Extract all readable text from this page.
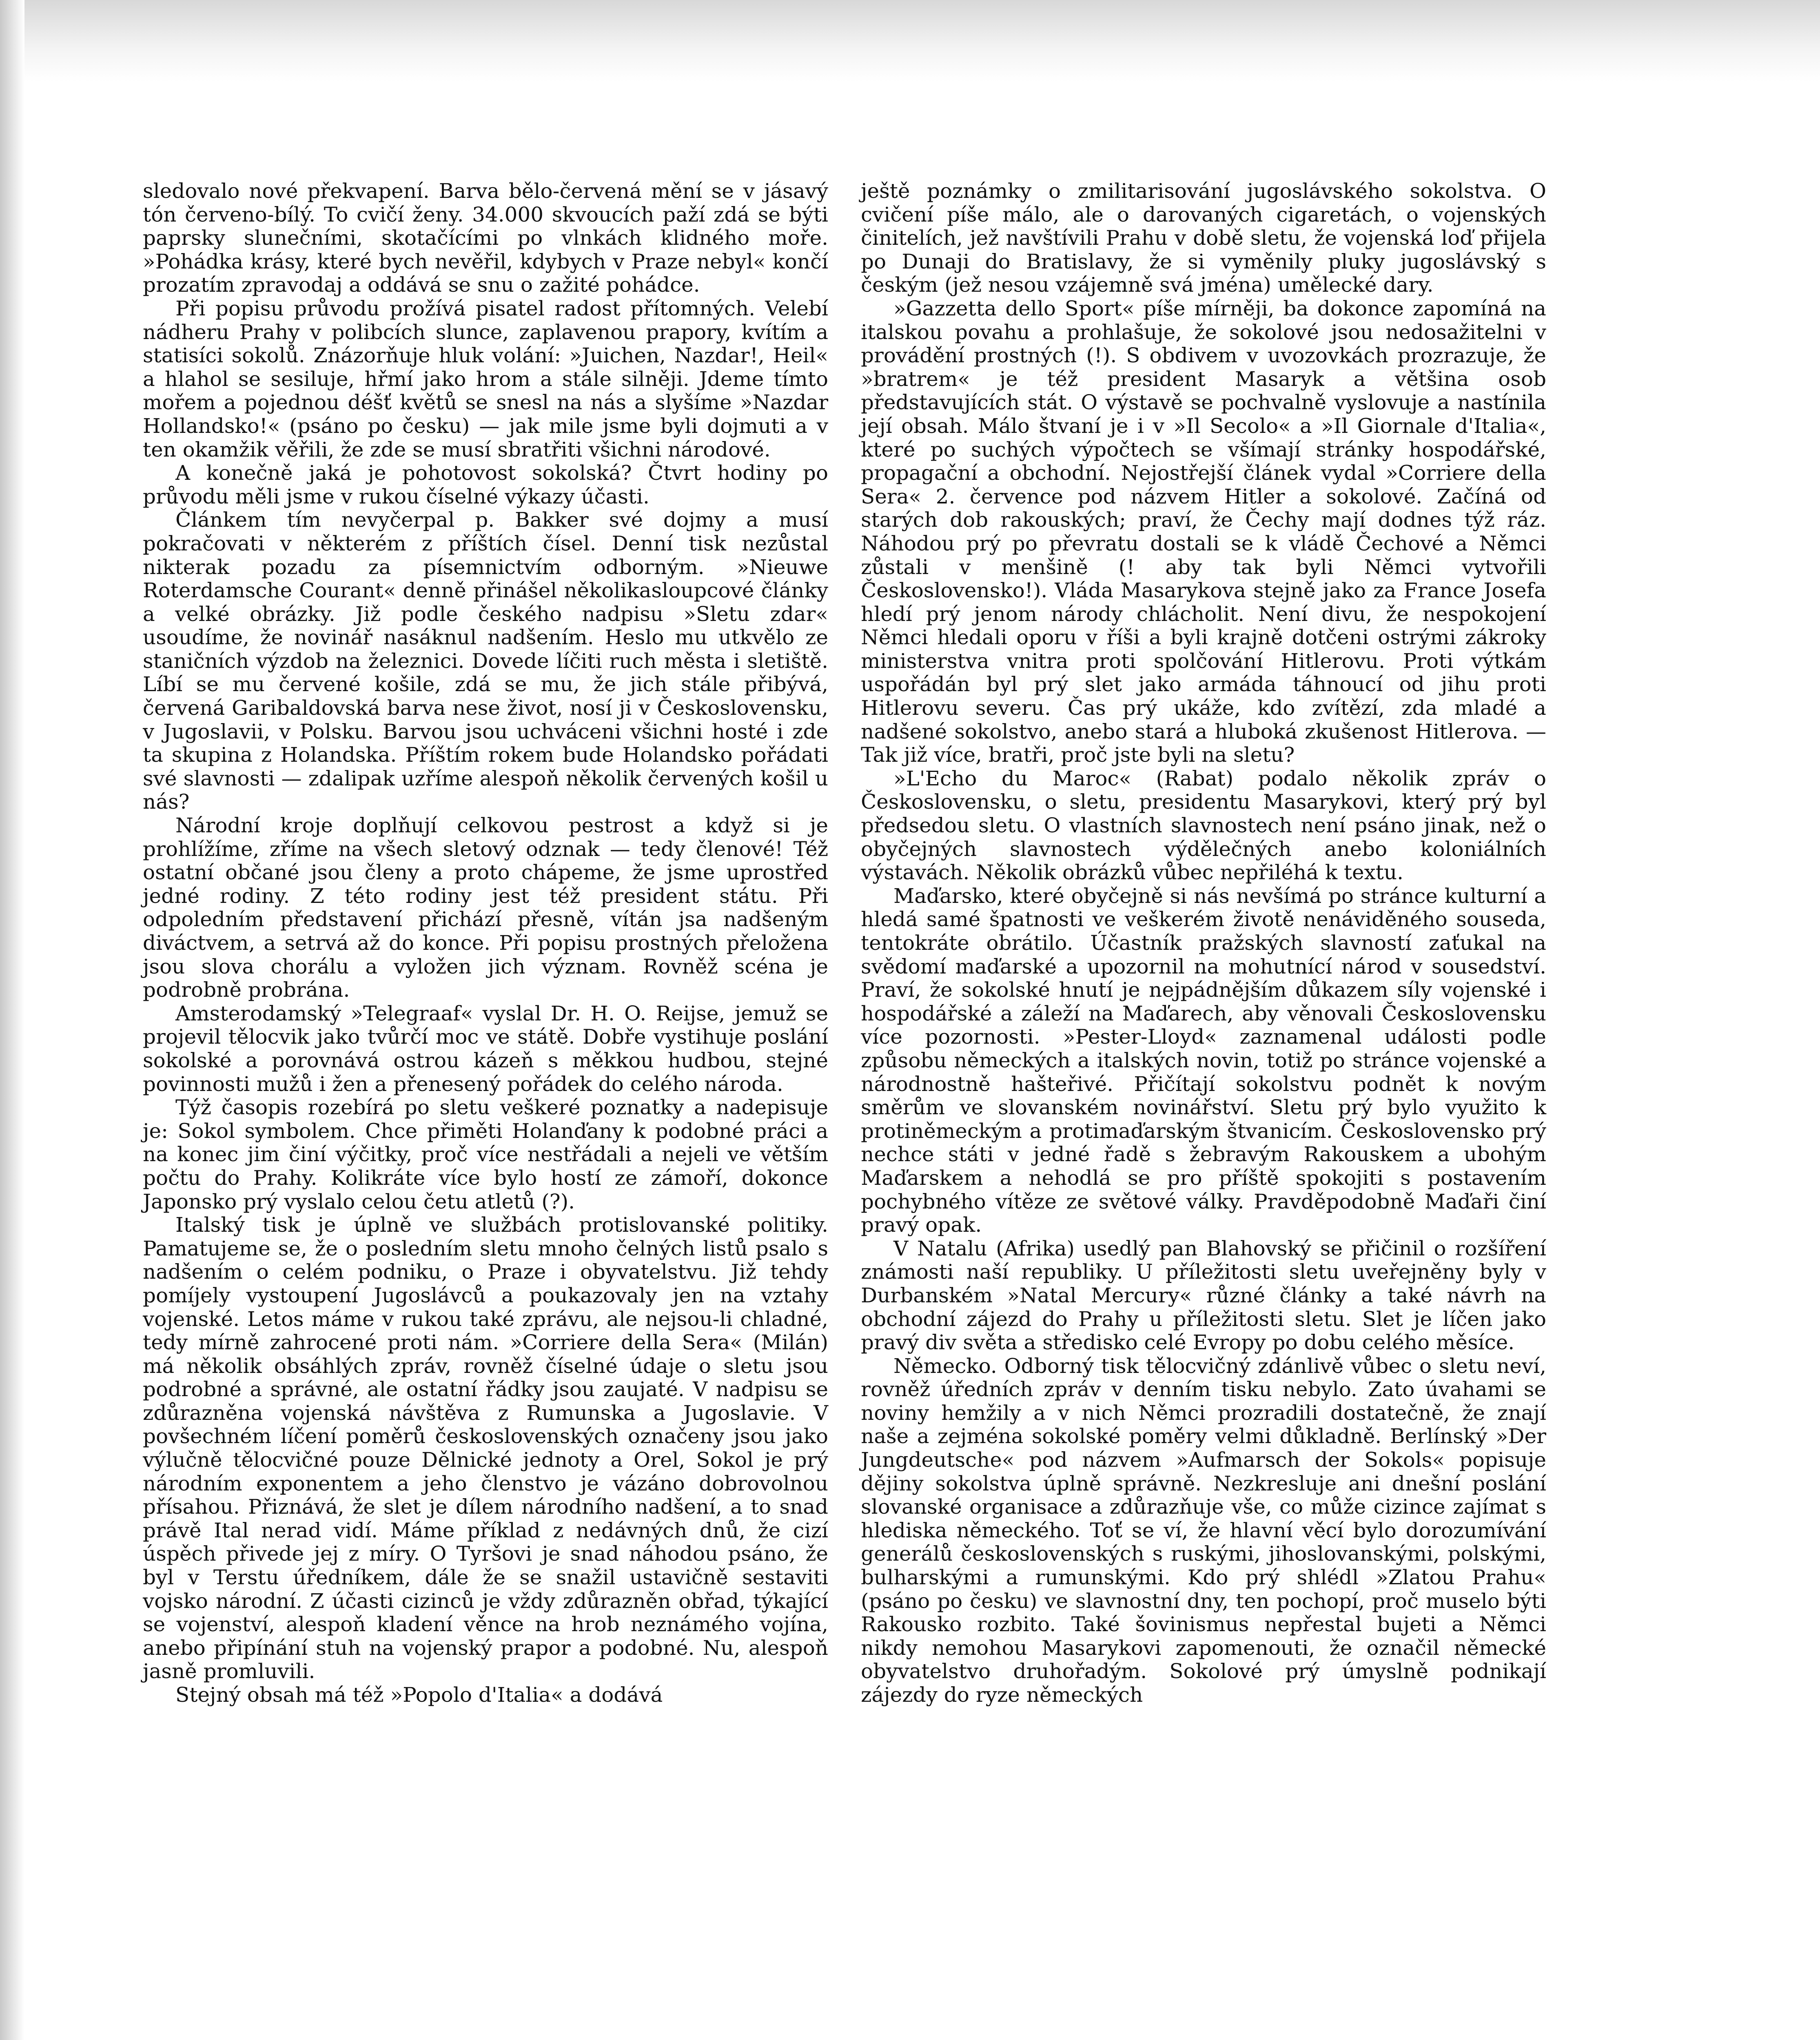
sledovalo nové překvapení. Barva bělo-červená mění se v jásavý tón červeno-bílý. To cvičí ženy. 34.000 skvoucích paží zdá se býti paprsky slunečními, skotačícími po vlnkách klidného moře. »Pohádka krásy, které bych nevěřil, kdybych v Praze nebyl« končí prozatím zpravodaj a oddává se snu o zažité pohádce.

Při popisu průvodu prožívá pisatel radost přítomných. Velebí nádheru Prahy v polibcích slunce, zaplavenou prapory, kvítím a statisíci sokolů. Znázorňuje hluk volání: »Juichen, Nazdar!, Heil« a hlahol se sesiluje, hřmí jako hrom a stále silněji. Jdeme tímto mořem a pojednou déšť květů se snesl na nás a slyšíme »Nazdar Hollandsko!« (psáno po česku) — jak mile jsme byli dojmuti a v ten okamžik věřili, že zde se musí sbratřiti všichni národové.

A konečně jaká je pohotovost sokolská? Čtvrt hodiny po průvodu měli jsme v rukou číselné výkazy účasti.

Článkem tím nevyčerpal p. Bakker své dojmy a musí pokračovati v některém z příštích čísel. Denní tisk nezůstal nikterak pozadu za písemnictvím odborným. »Nieuwe Roterdamsche Courant« denně přinášel několikasloupcové články a velké obrázky. Již podle českého nadpisu »Sletu zdar« usoudíme, že novinář nasáknul nadšením. Heslo mu utkvělo ze staničních výzdob na železnici. Dovede líčiti ruch města i sletiště. Líbí se mu červené košile, zdá se mu, že jich stále přibývá, červená Garibaldovská barva nese život, nosí ji v Československu, v Jugoslavii, v Polsku. Barvou jsou uchváceni všichni hosté i zde ta skupina z Holandska. Příštím rokem bude Holandsko pořádati své slavnosti — zdalipak uzříme alespoň několik červených košil u nás?

Národní kroje doplňují celkovou pestrost a když si je prohlížíme, zříme na všech sletový odznak — tedy členové! Též ostatní občané jsou členy a proto chápeme, že jsme uprostřed jedné rodiny. Z této rodiny jest též president státu. Při odpoledním představení přichází přesně, vítán jsa nadšeným diváctvem, a setrvá až do konce. Při popisu prostných přeložena jsou slova chorálu a vyložen jich význam. Rovněž scéna je podrobně probrána.

Amsterodamský »Telegraaf« vyslal Dr. H. O. Reijse, jemuž se projevil tělocvik jako tvůrčí moc ve státě. Dobře vystihuje poslání sokolské a porovnává ostrou kázeň s měkkou hudbou, stejné povinnosti mužů i žen a přenesený pořádek do celého národa.

Týž časopis rozebírá po sletu veškeré poznatky a nadepisuje je: Sokol symbolem. Chce přiměti Holanďany k podobné práci a na konec jim činí výčitky, proč více nestřádali a nejeli ve větším počtu do Prahy. Kolikráte více bylo hostí ze zámoří, dokonce Japonsko prý vyslalo celou četu atletů (?).

Italský tisk je úplně ve službách protislovanské politiky. Pamatujeme se, že o posledním sletu mnoho čelných listů psalo s nadšením o celém podniku, o Praze i obyvatelstvu. Již tehdy pomíjely vystoupení Jugoslávců a poukazovaly jen na vztahy vojenské. Letos máme v rukou také zprávu, ale nejsou-li chladné, tedy mírně zahrocené proti nám. »Corriere della Sera« (Milán) má několik obsáhlých zpráv, rovněž číselné údaje o sletu jsou podrobné a správné, ale ostatní řádky jsou zaujaté. V nadpisu se zdůrazněna vojenská návštěva z Rumunska a Jugoslavie. V povšechném líčení poměrů československých označeny jsou jako výlučně tělocvičné pouze Dělnické jednoty a Orel, Sokol je prý národním exponentem a jeho členstvo je vázáno dobrovolnou přísahou. Přiznává, že slet je dílem národního nadšení, a to snad právě Ital nerad vidí. Máme příklad z nedávných dnů, že cizí úspěch přivede jej z míry. O Tyršovi je snad náhodou psáno, že byl v Terstu úředníkem, dále že se snažil ustavičně sestaviti vojsko národní. Z účasti cizinců je vždy zdůrazněn obřad, týkající se vojenství, alespoň kladení věnce na hrob neznámého vojína, anebo připínání stuh na vojenský prapor a podobné. Nu, alespoň jasně promluvili.

Stejný obsah má též »Popolo d'Italia« a dodává

ještě poznámky o zmilitarisování jugoslávského sokolstva. O cvičení píše málo, ale o darovaných cigaretách, o vojenských činitelích, jež navštívili Prahu v době sletu, že vojenská loď přijela po Dunaji do Bratislavy, že si vyměnily pluky jugoslávský s českým (jež nesou vzájemně svá jména) umělecké dary.

»Gazzetta dello Sport« píše mírněji, ba dokonce zapomíná na italskou povahu a prohlašuje, že sokolové jsou nedosažitelni v provádění prostných (!). S obdivem v uvozovkách prozrazuje, že »bratrem« je též president Masaryk a většina osob představujících stát. O výstavě se pochvalně vyslovuje a nastínila její obsah. Málo štvaní je i v »Il Secolo« a »Il Giornale d'Italia«, které po suchých výpočtech se všímají stránky hospodářské, propagační a obchodní. Nejostřejší článek vydal »Corriere della Sera« 2. července pod názvem Hitler a sokolové. Začíná od starých dob rakouských; praví, že Čechy mají dodnes týž ráz. Náhodou prý po převratu dostali se k vládě Čechové a Němci zůstali v menšině (! aby tak byli Němci vytvořili Československo!). Vláda Masarykova stejně jako za France Josefa hledí prý jenom národy chlácholit. Není divu, že nespokojení Němci hledali oporu v říši a byli krajně dotčeni ostrými zákroky ministerstva vnitra proti spolčování Hitlerovu. Proti výtkám uspořádán byl prý slet jako armáda táhnoucí od jihu proti Hitlerovu severu. Čas prý ukáže, kdo zvítězí, zda mladé a nadšené sokolstvo, anebo stará a hluboká zkušenost Hitlerova. — Tak již více, bratři, proč jste byli na sletu?

»L'Echo du Maroc« (Rabat) podalo několik zpráv o Československu, o sletu, presidentu Masarykovi, který prý byl předsedou sletu. O vlastních slavnostech není psáno jinak, než o obyčejných slavnostech výdělečných anebo koloniálních výstavách. Několik obrázků vůbec nepřiléhá k textu.

Maďarsko, které obyčejně si nás nevšímá po stránce kulturní a hledá samé špatnosti ve veškerém životě nenáviděného souseda, tentokráte obrátilo. Účastník pražských slavností zaťukal na svědomí maďarské a upozornil na mohutnící národ v sousedství. Praví, že sokolské hnutí je nejpádnějším důkazem síly vojenské i hospodářské a záleží na Maďarech, aby věnovali Československu více pozornosti. »Pester-Lloyd« zaznamenal události podle způsobu německých a italských novin, totiž po stránce vojenské a národnostně hašteřivé. Přičítají sokolstvu podnět k novým směrům ve slovanském novinářství. Sletu prý bylo využito k protiněmeckým a protimaďarským štvanicím. Československo prý nechce státi v jedné řadě s žebravým Rakouskem a ubohým Maďarskem a nehodlá se pro příště spokojiti s postavením pochybného vítěze ze světové války. Pravděpodobně Maďaři činí pravý opak.

V Natalu (Afrika) usedlý pan Blahovský se přičinil o rozšíření známosti naší republiky. U příležitosti sletu uveřejněny byly v Durbanském »Natal Mercury« různé články a také návrh na obchodní zájezd do Prahy u příležitosti sletu. Slet je líčen jako pravý div světa a středisko celé Evropy po dobu celého měsíce.

Německo. Odborný tisk tělocvičný zdánlivě vůbec o sletu neví, rovněž úředních zpráv v denním tisku nebylo. Zato úvahami se noviny hemžily a v nich Němci prozradili dostatečně, že znají naše a zejména sokolské poměry velmi důkladně. Berlínský »Der Jungdeutsche« pod názvem »Aufmarsch der Sokols« popisuje dějiny sokolstva úplně správně. Nezkresluje ani dnešní poslání slovanské organisace a zdůrazňuje vše, co může cizince zajímat s hlediska německého. Toť se ví, že hlavní věcí bylo dorozumívání generálů československých s ruskými, jihoslovanskými, polskými, bulharskými a rumunskými. Kdo prý shlédl »Zlatou Prahu« (psáno po česku) ve slavnostní dny, ten pochopí, proč muselo býti Rakousko rozbito. Také šovinismus nepřestal bujeti a Němci nikdy nemohou Masarykovi zapomenouti, že označil německé obyvatelstvo druhořadým. Sokolové prý úmyslně podnikají zájezdy do ryze německých
